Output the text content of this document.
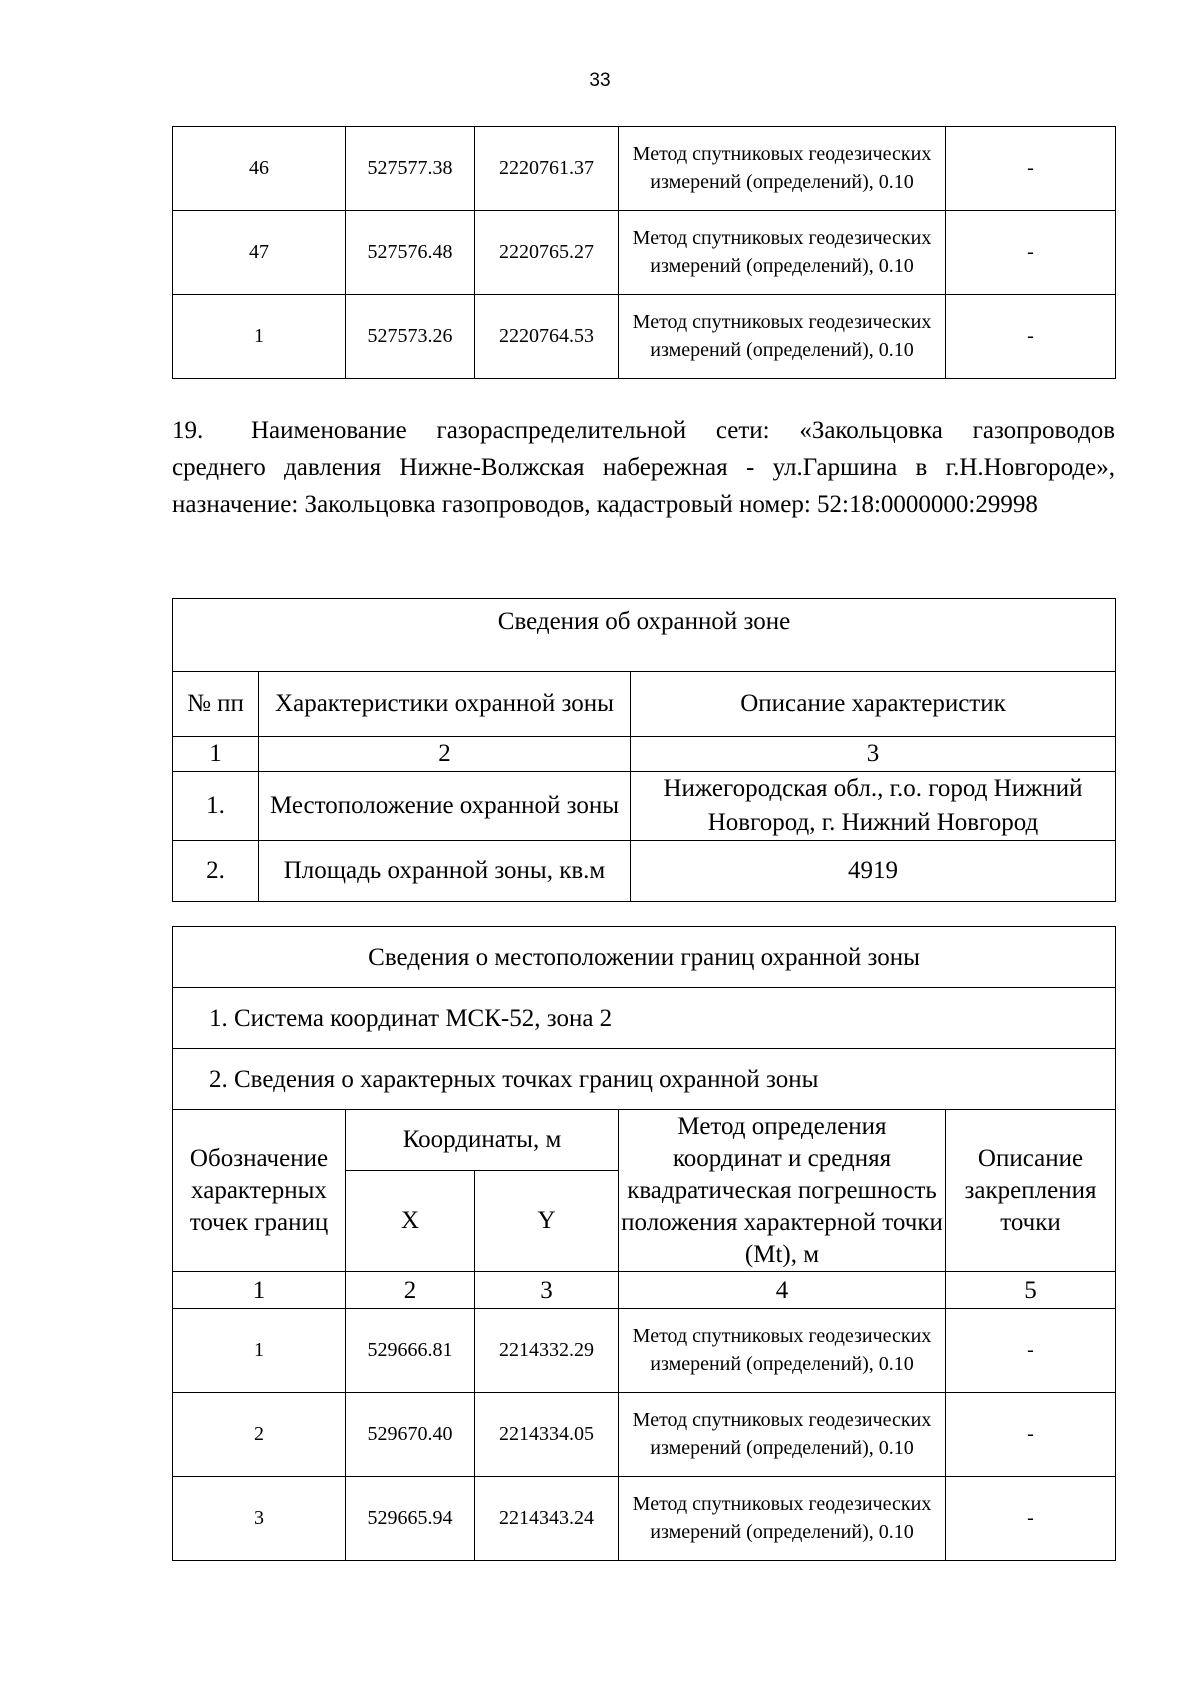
33
46	527577.38	2220761.37	Метод спутниковых геодезических измерений (определений), 0.10	-
47	527576.48	2220765.27	Метод спутниковых геодезических измерений (определений), 0.10	-
1	527573.26	2220764.53	Метод спутниковых геодезических измерений (определений), 0.10	-
19. Наименование газораспределительной сети: «Закольцовка газопроводов среднего давления Нижне-Волжская набережная - ул.Гаршина в г.Н.Новгороде», назначение: Закольцовка газопроводов, кадастровый номер: 52:18:0000000:29998
Сведения об охранной зоне		
№ пп	Характеристики охранной зоны	Описание характеристик
1	2	3
1.	Местоположение охранной зоны	Нижегородская обл., г.о. город Нижний Новгород, г. Нижний Новгород
2.	Площадь охранной зоны, кв.м	4919
Сведения о местоположении границ охранной зоны				
1. Система координат МСК-52, зона 2				
2. Сведения о характерных точках границ охранной зоны				
Обозначение характерных точек границ	Координаты, м		Метод определения координат и средняя квадратическая погрешность положения характерной точки (Mt), м	Описание закрепления точки
	X	Y		
1	2	3	4	5
1	529666.81	2214332.29	Метод спутниковых геодезических измерений (определений), 0.10	-
2	529670.40	2214334.05	Метод спутниковых геодезических измерений (определений), 0.10	-
3	529665.94	2214343.24	Метод спутниковых геодезических измерений (определений), 0.10	-
